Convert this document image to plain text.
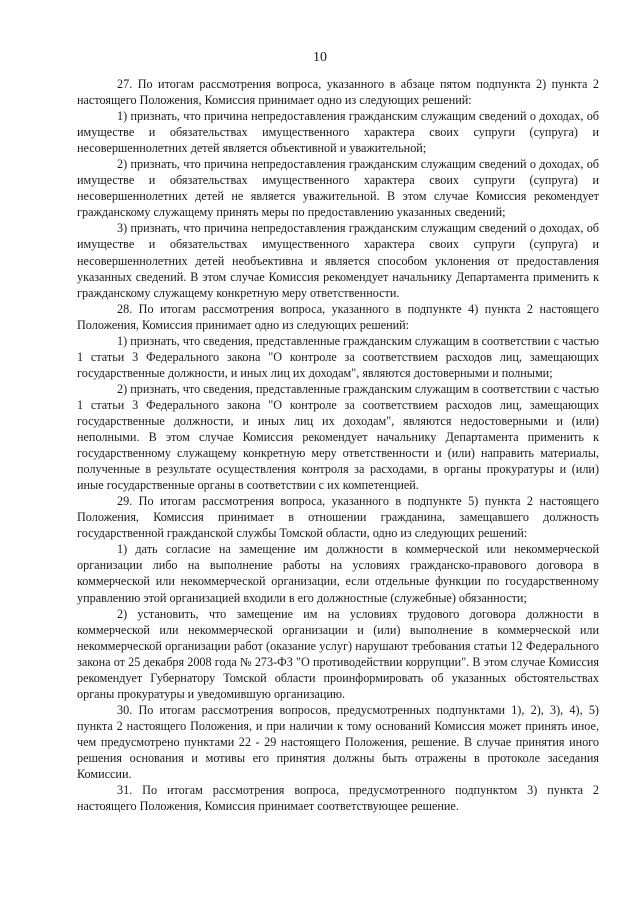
10

27. По итогам рассмотрения вопроса, указанного в абзаце пятом подпункта 2) пункта 2 настоящего Положения, Комиссия принимает одно из следующих решений:

1) признать, что причина непредоставления гражданским служащим сведений о доходах, об имуществе и обязательствах имущественного характера своих супруги (супруга) и несовершеннолетних детей является объективной и уважительной;

2) признать, что причина непредоставления гражданским служащим сведений о доходах, об имуществе и обязательствах имущественного характера своих супруги (супруга) и несовершеннолетних детей не является уважительной. В этом случае Комиссия рекомендует гражданскому служащему принять меры по предоставлению указанных сведений;

3) признать, что причина непредоставления гражданским служащим сведений о доходах, об имуществе и обязательствах имущественного характера своих супруги (супруга) и несовершеннолетних детей необъективна и является способом уклонения от предоставления указанных сведений. В этом случае Комиссия рекомендует начальнику Департамента применить к гражданскому служащему конкретную меру ответственности.

28. По итогам рассмотрения вопроса, указанного в подпункте 4) пункта 2 настоящего Положения, Комиссия принимает одно из следующих решений:

1) признать, что сведения, представленные гражданским служащим в соответствии с частью 1 статьи 3 Федерального закона "О контроле за соответствием расходов лиц, замещающих государственные должности, и иных лиц их доходам", являются достоверными и полными;

2) признать, что сведения, представленные гражданским служащим в соответствии с частью 1 статьи 3 Федерального закона "О контроле за соответствием расходов лиц, замещающих государственные должности, и иных лиц их доходам", являются недостоверными и (или) неполными. В этом случае Комиссия рекомендует начальнику Департамента применить к государственному служащему конкретную меру ответственности и (или) направить материалы, полученные в результате осуществления контроля за расходами, в органы прокуратуры и (или) иные государственные органы в соответствии с их компетенцией.

29. По итогам рассмотрения вопроса, указанного в подпункте 5) пункта 2 настоящего Положения, Комиссия принимает в отношении гражданина, замещавшего должность государственной гражданской службы Томской области, одно из следующих решений:

1) дать согласие на замещение им должности в коммерческой или некоммерческой организации либо на выполнение работы на условиях гражданско-правового договора в коммерческой или некоммерческой организации, если отдельные функции по государственному управлению этой организацией входили в его должностные (служебные) обязанности;

2) установить, что замещение им на условиях трудового договора должности в коммерческой или некоммерческой организации и (или) выполнение в коммерческой или некоммерческой организации работ (оказание услуг) нарушают требования статьи 12 Федерального закона от 25 декабря 2008 года № 273-ФЗ "О противодействии коррупции". В этом случае Комиссия рекомендует Губернатору Томской области проинформировать об указанных обстоятельствах органы прокуратуры и уведомившую организацию.

30. По итогам рассмотрения вопросов, предусмотренных подпунктами 1), 2), 3), 4), 5) пункта 2 настоящего Положения, и при наличии к тому оснований Комиссия может принять иное, чем предусмотрено пунктами 22 - 29 настоящего Положения, решение. В случае принятия иного решения основания и мотивы его принятия должны быть отражены в протоколе заседания Комиссии.

31. По итогам рассмотрения вопроса, предусмотренного подпунктом 3) пункта 2 настоящего Положения, Комиссия принимает соответствующее решение.
